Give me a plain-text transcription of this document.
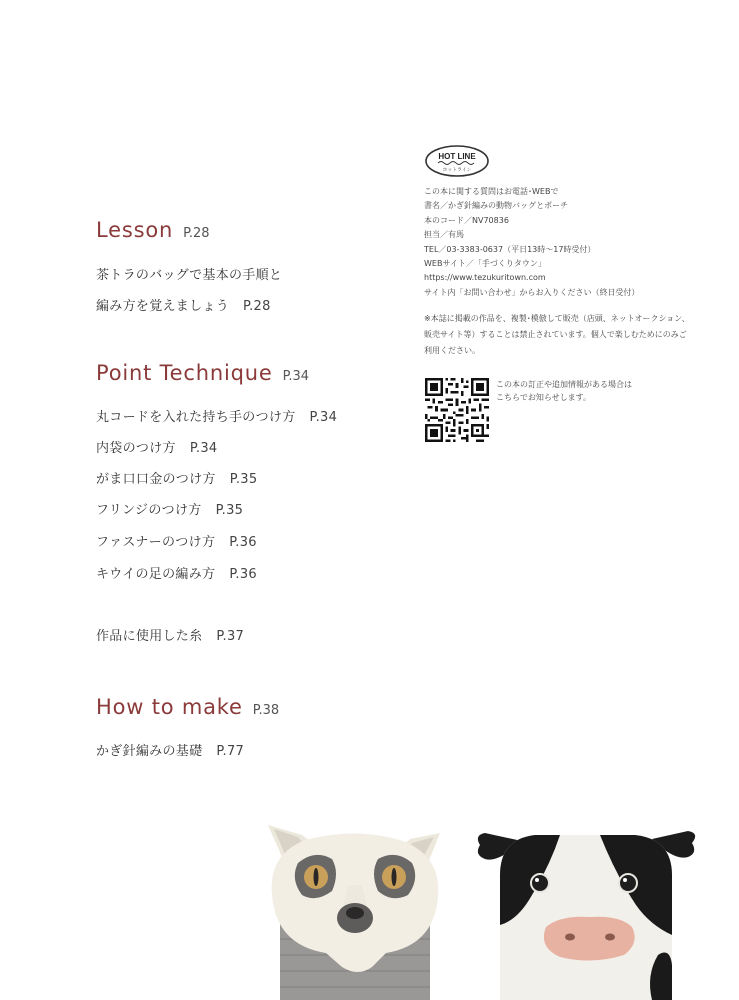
Lesson P.28
茶トラのバッグで基本の手順と
編み方を覚えましょう P.28
Point Technique P.34
丸コードを入れた持ち手のつけ方 P.34
内袋のつけ方 P.34
がま口口金のつけ方 P.35
フリンジのつけ方 P.35
ファスナーのつけ方 P.36
キウイの足の編み方 P.36
作品に使用した糸 P.37
How to make P.38
かぎ針編みの基礎 P.77
HOT LINE
ホットライン
この本に関する質問はお電話･WEBで
書名／かぎ針編みの動物バッグとポーチ
本のコード／NV70836
担当／有馬
TEL／03-3383-0637（平日13時〜17時受付）
WEBサイト／「手づくりタウン」
https://www.tezukuritown.com
サイト内「お問い合わせ」からお入りください（終日受付）
※本誌に掲載の作品を、複製･模倣して販売（店頭、ネットオークション、販売サイト等）することは禁止されています。個人で楽しむためにのみご利用ください。
この本の訂正や追加情報がある場合は
こちらでお知らせします。
